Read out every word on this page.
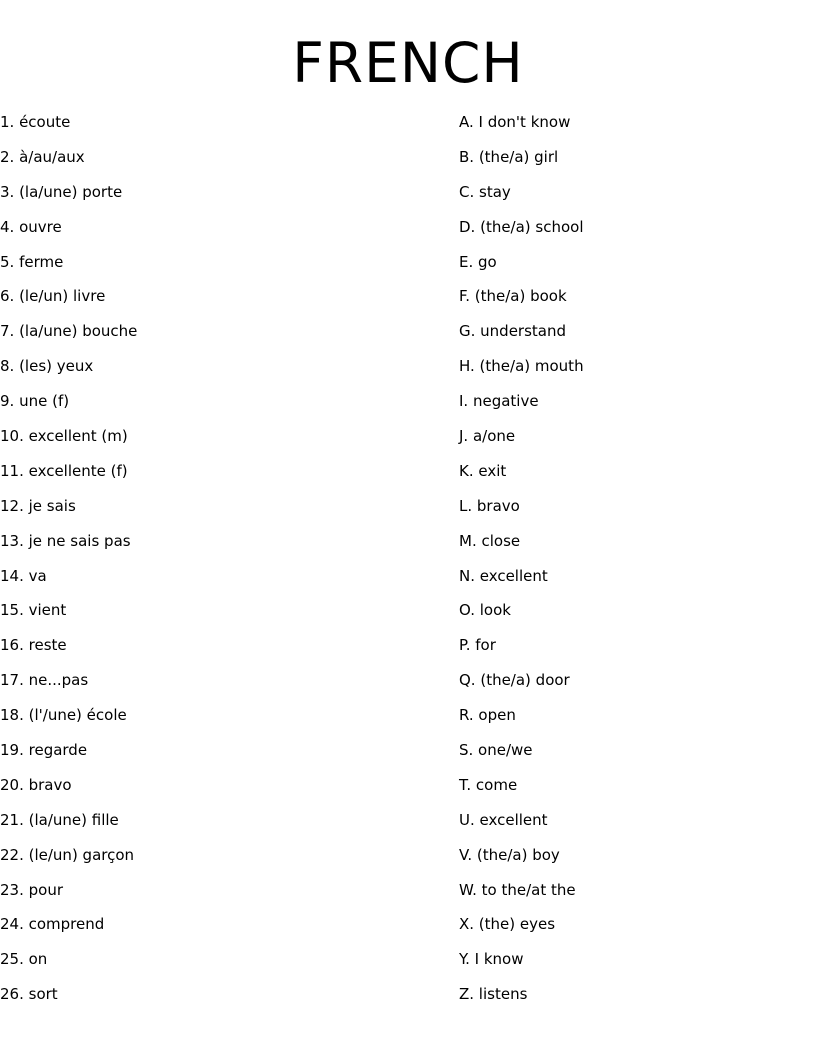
FRENCH
1. écoute
2. à/au/aux
3. (la/une) porte
4. ouvre
5. ferme
6. (le/un) livre
7. (la/une) bouche
8. (les) yeux
9. une (f)
10. excellent (m)
11. excellente (f)
12. je sais
13. je ne sais pas
14. va
15. vient
16. reste
17. ne...pas
18. (l'/une) école
19. regarde
20. bravo
21. (la/une) fille
22. (le/un) garçon
23. pour
24. comprend
25. on
26. sort
A. I don't know
B. (the/a) girl
C. stay
D. (the/a) school
E. go
F. (the/a) book
G. understand
H. (the/a) mouth
I. negative
J. a/one
K. exit
L. bravo
M. close
N. excellent
O. look
P. for
Q. (the/a) door
R. open
S. one/we
T. come
U. excellent
V. (the/a) boy
W. to the/at the
X. (the) eyes
Y. I know
Z. listens
